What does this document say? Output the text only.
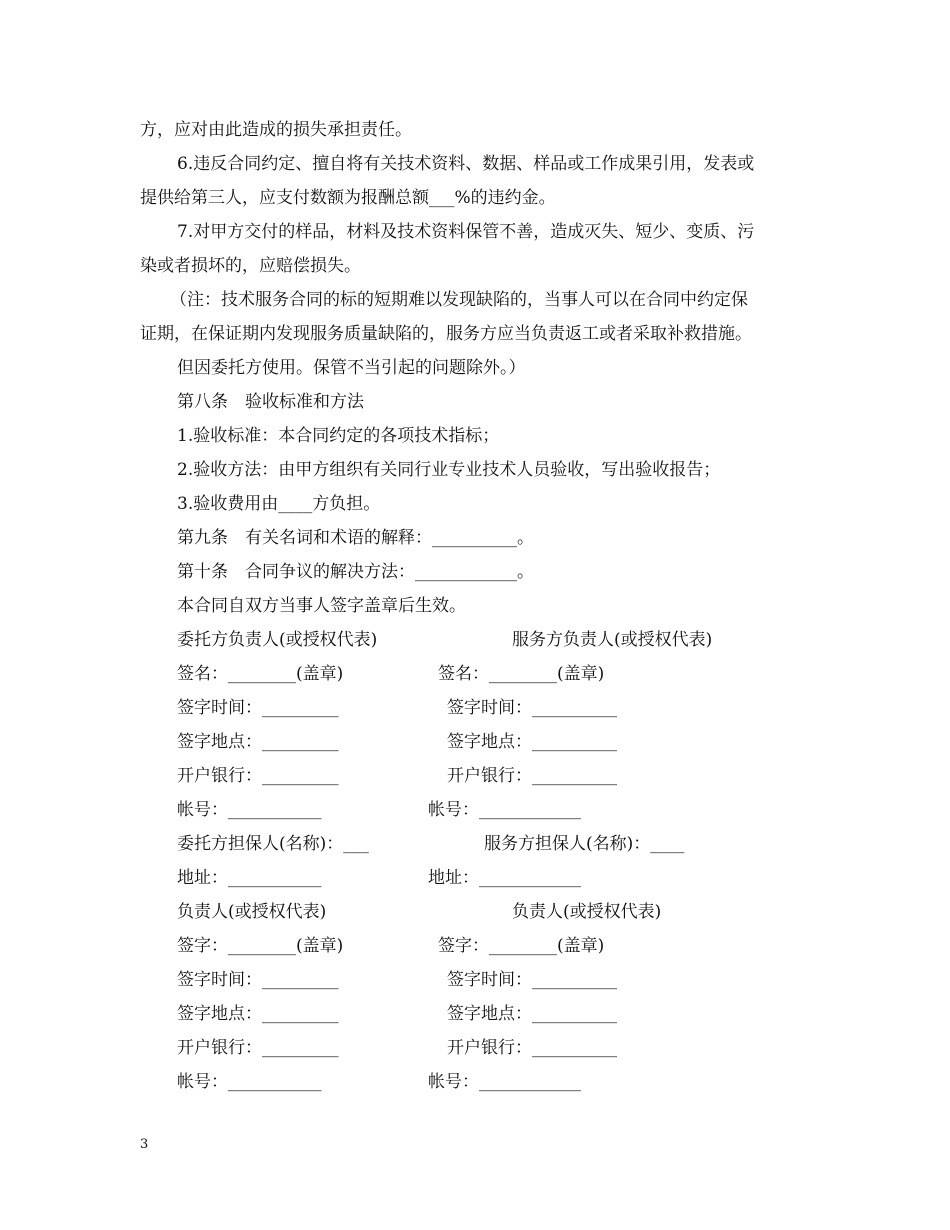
方，应对由此造成的损失承担责任。
6.违反合同约定、擅自将有关技术资料、数据、样品或工作成果引用，发表或
提供给第三人，应支付数额为报酬总额___%的违约金。
7.对甲方交付的样品，材料及技术资料保管不善，造成灭失、短少、变质、污
染或者损坏的，应赔偿损失。
（注：技术服务合同的标的短期难以发现缺陷的，当事人可以在合同中约定保
证期，在保证期内发现服务质量缺陷的，服务方应当负责返工或者采取补救措施。
但因委托方使用。保管不当引起的问题除外。）
第八条　验收标准和方法
1.验收标准：本合同约定的各项技术指标；
2.验收方法：由甲方组织有关同行业专业技术人员验收，写出验收报告；
3.验收费用由____方负担。
第九条　有关名词和术语的解释：__________。
第十条　合同争议的解决方法：____________。
本合同自双方当事人签字盖章后生效。
委托方负责人(或授权代表)
签名：________(盖章)
签字时间：_________
签字地点：_________
开户银行：_________
帐号：___________
委托方担保人(名称)：___
地址：___________
负责人(或授权代表)
签字：________(盖章)
签字时间：_________
签字地点：_________
开户银行：_________
帐号：___________
服务方负责人(或授权代表)
签名：________(盖章)
签字时间：__________
签字地点：__________
开户银行：__________
帐号：____________
服务方担保人(名称)：____
地址：____________
负责人(或授权代表)
签字：________(盖章)
签字时间：__________
签字地点：__________
开户银行：__________
帐号：____________
3
